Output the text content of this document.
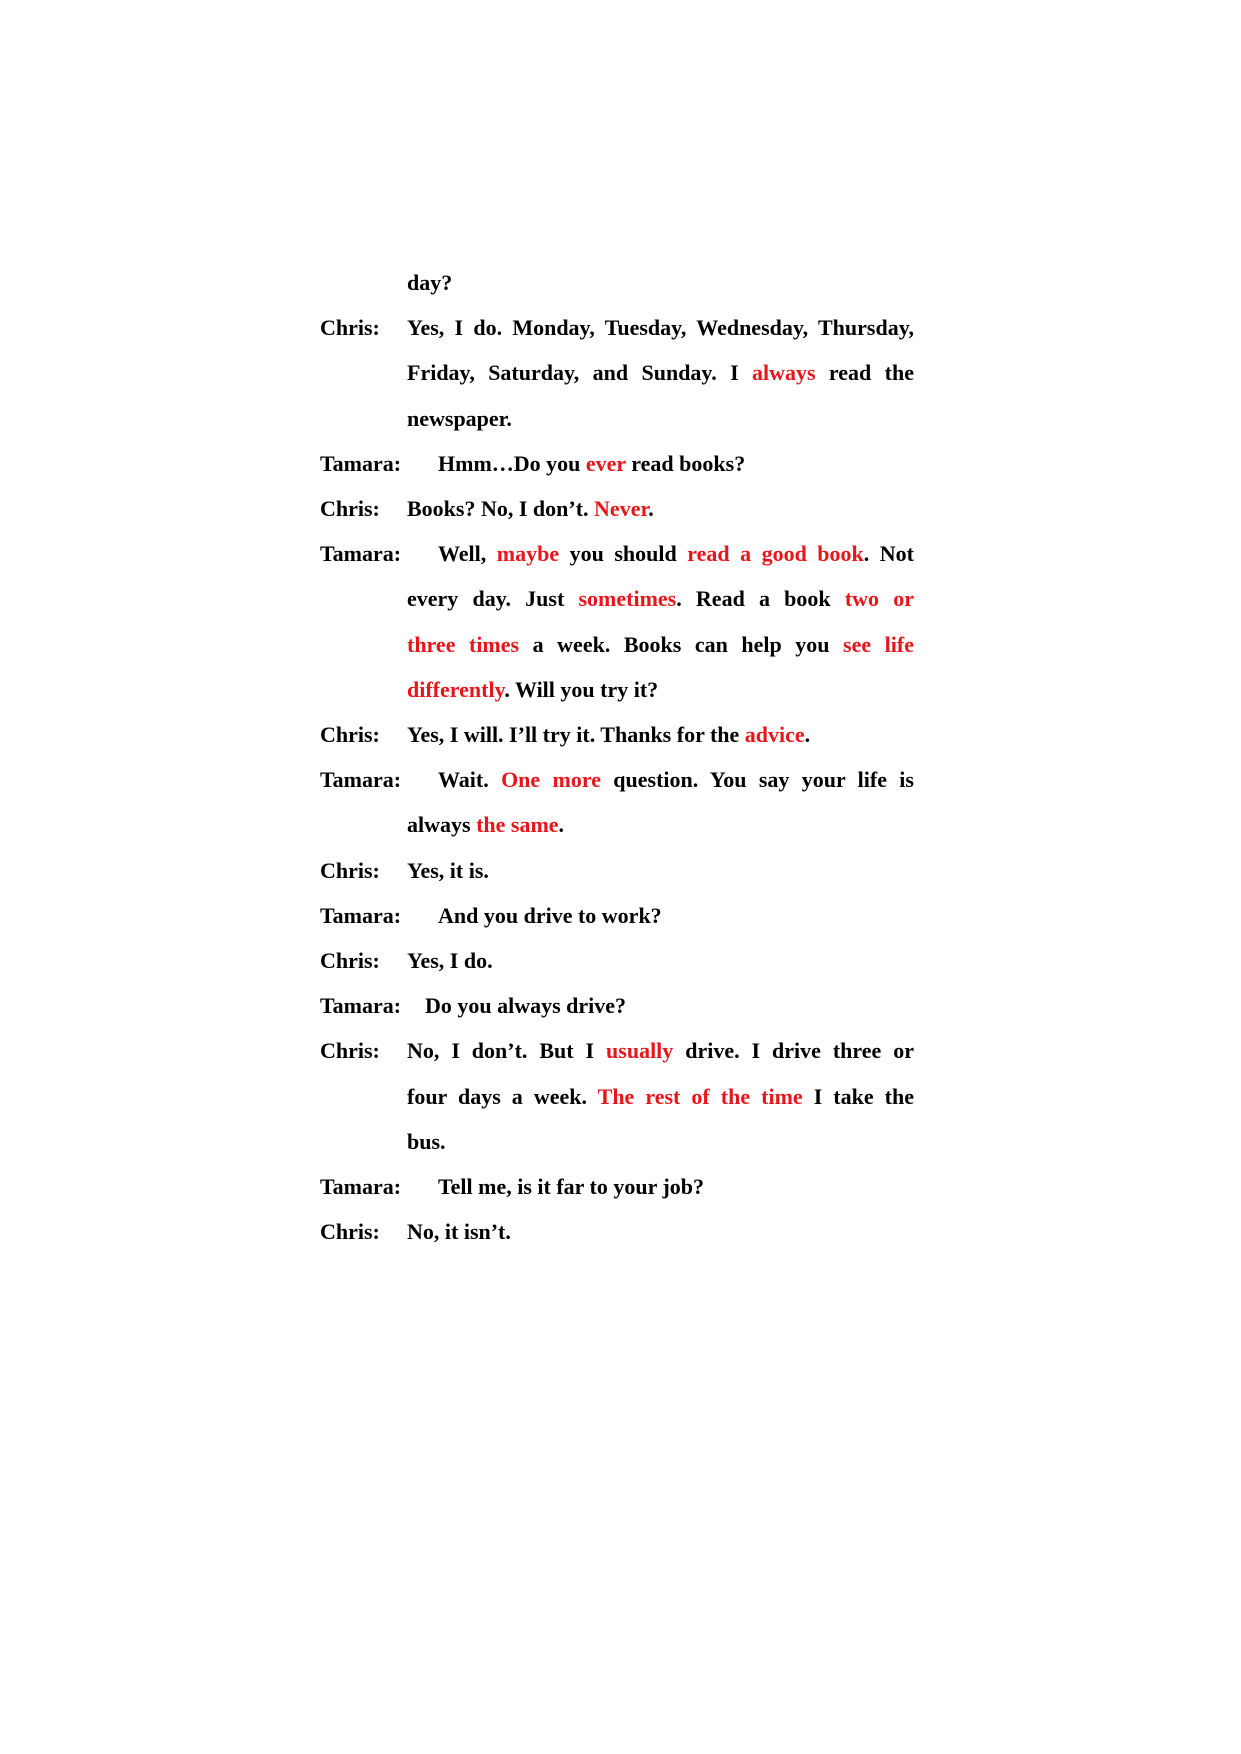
day?
Chris: Yes, I do. Monday, Tuesday, Wednesday, Thursday,
Friday, Saturday, and Sunday. I always read the
newspaper.
Tamara: Hmm…Do you ever read books?
Chris: Books? No, I don’t. Never.
Tamara: Well, maybe you should read a good book. Not
every day. Just sometimes. Read a book two or
three times a week. Books can help you see life
differently. Will you try it?
Chris: Yes, I will. I’ll try it. Thanks for the advice.
Tamara: Wait. One more question. You say your life is
always the same.
Chris: Yes, it is.
Tamara: And you drive to work?
Chris: Yes, I do.
Tamara: Do you always drive?
Chris: No, I don’t. But I usually drive. I drive three or
four days a week. The rest of the time I take the
bus.
Tamara: Tell me, is it far to your job?
Chris: No, it isn’t.
